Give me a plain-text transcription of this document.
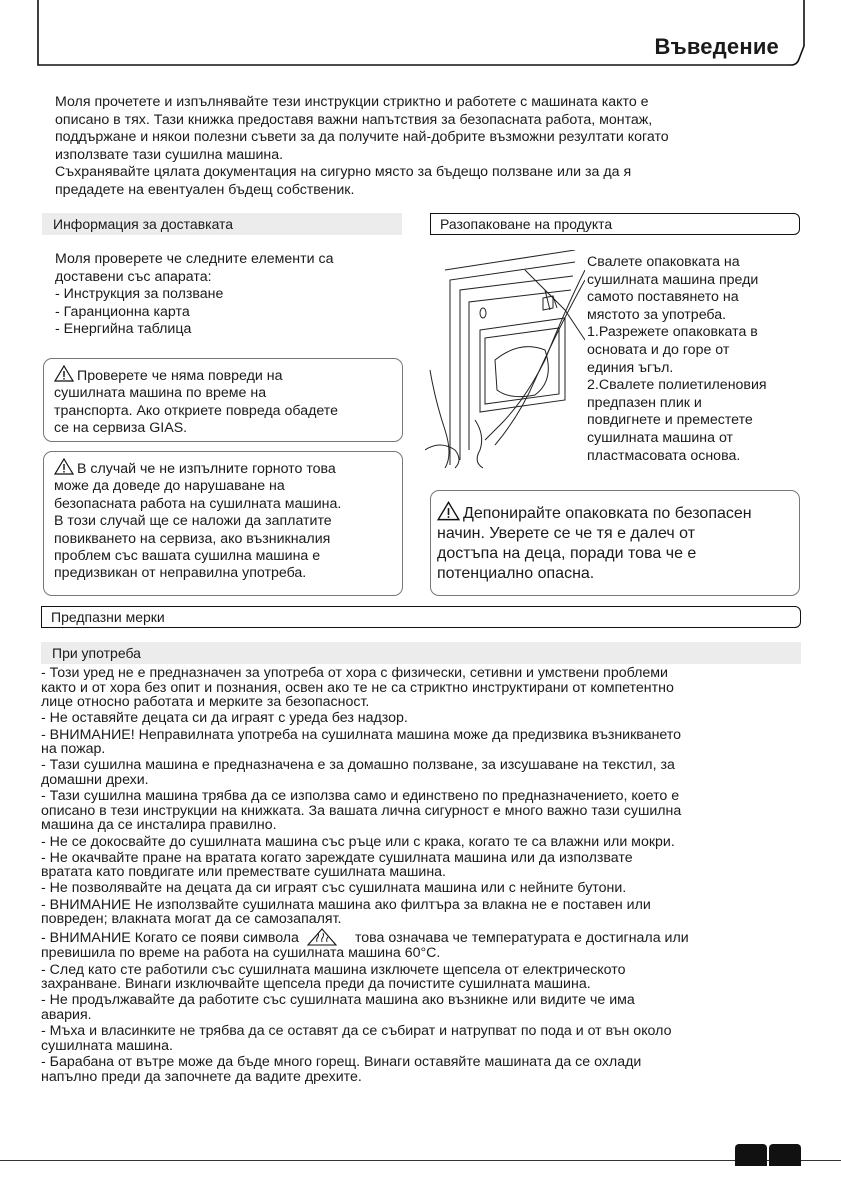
Въведение
Моля прочетете и изпълнявайте тези инструкции стриктно и работете с машината както е
описано в тях. Тази книжка предоставя важни напътствия за безопасната работа, монтаж,
поддържане и някои полезни съвети за да получите най-добрите възможни резултати когато
използвате тази сушилна машина.
Съхранявайте цялата документация на сигурно място за бъдещо ползване или за да я
предадете на евентуален бъдещ собственик.
Информация за доставката
Моля проверете че следните елементи са
доставени със апарата:
- Инструкция за ползване
- Гаранционна карта
- Енергийна таблица
Проверете че няма повреди на
сушилната машина по време на
транспорта. Ако откриете повреда обадете
се на сервиза GIAS.
В случай че не изпълните горното това
може да доведе до нарушаване на
безопасната работа на сушилната машина.
В този случай ще се наложи да заплатите
повикването на сервиза, ако възникналия
проблем със вашата сушилна машина е
предизвикан от неправилна употреба.
Разопаковане на продукта
Свалете опаковката на
сушилната машина преди
самото поставянето на
мястото за употреба.
1.Разрежете опаковката в
основата и до горе от
единия ъгъл.
2.Свалете полиетиленовия
предпазен плик и
повдигнете и преместете
сушилната машина от
пластмасовата основа.
Депонирайте опаковката по безопасен
начин. Уверете се че тя е далеч от
достъпа на деца, поради това че е
потенциално опасна.
Предпазни мерки
При употреба
- Този уред не е предназначен за употреба от хора с физически, сетивни и умствени проблеми
както и от хора без опит и познания, освен ако те не са стриктно инструктирани от компетентно
лице относно работата и мерките за безопасност.
- Не оставяйте децата си да играят с уреда без надзор.
- ВНИМАНИЕ! Неправилната употреба на сушилната машина може да предизвика възникването
на пожар.
- Тази сушилна машина е предназначена е за домашно ползване, за изсушаване на текстил, за
домашни дрехи.
- Тази сушилна машина трябва да се използва само и единствено по предназначението, което е
описано в тези инструкции на книжката. За вашата лична сигурност е много важно тази сушилна
машина да се инсталира правилно.
- Не се докосвайте до сушилната машина със ръце или с крака, когато те са влажни или мокри.
- Не окачвайте пране на вратата когато зареждате сушилната машина или да използвате
вратата като повдигате или премествате сушилната машина.
- Не позволявайте на децата да си играят със сушилната машина или с нейните бутони.
- ВНИМАНИЕ Не използвайте сушилната машина ако филтъра за влакна не е поставен или
повреден; влакната могат да се самозапалят.
- ВНИМАНИЕ Когато се появи символа	това означава че температурата е достигнала или
превишила по време на работа на сушилната машина 60°C.
- След като сте работили със сушилната машина изключете щепсела от електрическото
захранване. Винаги изключвайте щепсела преди да почистите сушилната машина.
- Не продължавайте да работите със сушилната машина ако възникне или видите че има
авария.
- Мъха и власинките не трябва да се оставят да се събират и натрупват по пода и от вън около
сушилната машина.
- Барабана от вътре може да бъде много горещ. Винаги оставяйте машината да се охлади
напълно преди да започнете да вадите дрехите.
